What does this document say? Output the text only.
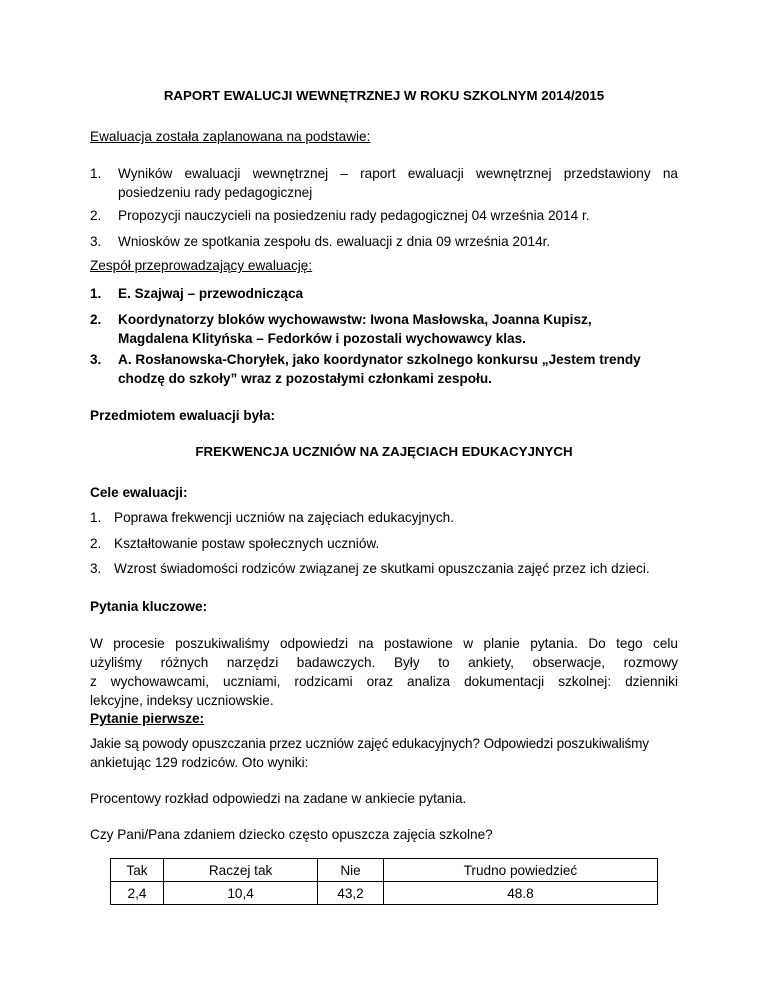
RAPORT EWALUCJI WEWNĘTRZNEJ W ROKU SZKOLNYM 2014/2015
Ewaluacja została zaplanowana na podstawie:
1.	Wyników ewaluacji wewnętrznej – raport ewaluacji wewnętrznej przedstawiony na posiedzeniu rady pedagogicznej
2.	Propozycji nauczycieli na posiedzeniu rady pedagogicznej 04 września 2014 r.
3.	Wniosków ze spotkania zespołu ds. ewaluacji z dnia 09 września 2014r.
Zespół przeprowadzający ewaluację:
1.	E. Szajwaj – przewodnicząca
2.	Koordynatorzy bloków wychowawstw: Iwona Masłowska, Joanna Kupisz, Magdalena Klityńska – Fedorków i pozostali wychowawcy klas.
3.	A. Rosłanowska-Choryłek, jako koordynator szkolnego konkursu „Jestem trendy chodzę do szkoły” wraz z pozostałymi członkami zespołu.
Przedmiotem ewaluacji była:
FREKWENCJA UCZNIÓW NA ZAJĘCIACH EDUKACYJNYCH
Cele ewaluacji:
1. Poprawa frekwencji uczniów na zajęciach edukacyjnych.
2. Kształtowanie postaw społecznych uczniów.
3. Wzrost świadomości rodziców związanej ze skutkami opuszczania zajęć przez ich dzieci.
Pytania kluczowe:
W procesie poszukiwaliśmy odpowiedzi na postawione w planie pytania. Do tego celu
użyliśmy różnych narzędzi badawczych. Były to ankiety, obserwacje, rozmowy
z wychowawcami, uczniami, rodzicami oraz analiza dokumentacji szkolnej: dzienniki
lekcyjne, indeksy uczniowskie.
Pytanie pierwsze:
Jakie są powody opuszczania przez uczniów zajęć edukacyjnych? Odpowiedzi poszukiwaliśmy
ankietując 129 rodziców. Oto wyniki:
Procentowy rozkład odpowiedzi na zadane w ankiecie pytania.
Czy Pani/Pana zdaniem dziecko często opuszcza zajęcia szkolne?
Tak	Raczej tak	Nie	Trudno powiedzieć
2,4	10,4	43,2	48.8
